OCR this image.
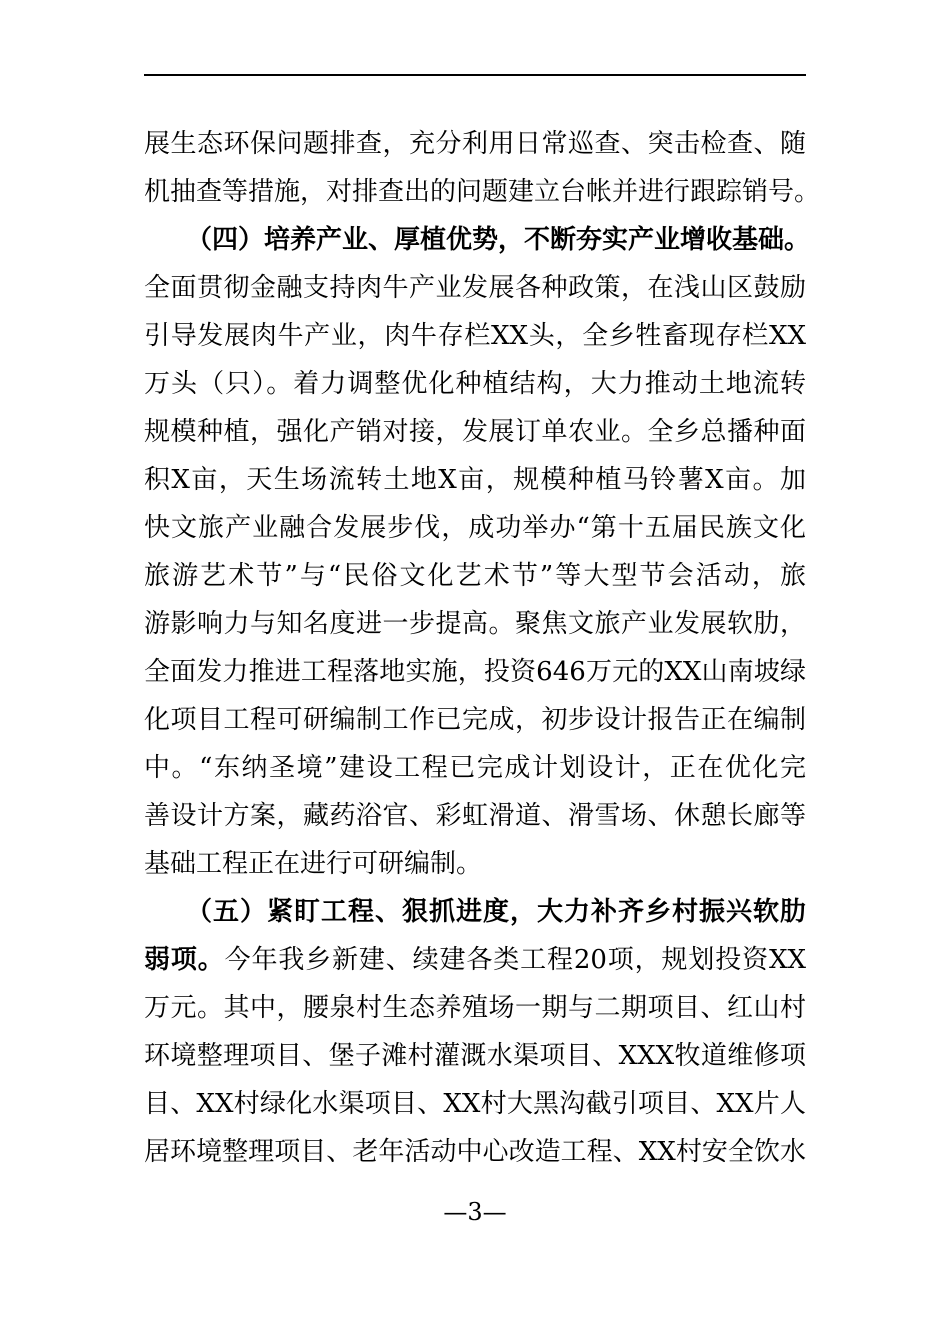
展生态环保问题排查，充分利用日常巡查、突击检查、随
机抽查等措施，对排查出的问题建立台帐并进行跟踪销号。
（四）培养产业、厚植优势，不断夯实产业增收基础。
全面贯彻金融支持肉牛产业发展各种政策，在浅山区鼓励
引导发展肉牛产业，肉牛存栏XX头，全乡牲畜现存栏XX
万头（只）。着力调整优化种植结构，大力推动土地流转
规模种植，强化产销对接，发展订单农业。全乡总播种面
积X亩，天生场流转土地X亩，规模种植马铃薯X亩。加
快文旅产业融合发展步伐，成功举办“第十五届民族文化
旅游艺术节”与“民俗文化艺术节”等大型节会活动，旅
游影响力与知名度进一步提高。聚焦文旅产业发展软肋，
全面发力推进工程落地实施，投资646万元的XX山南坡绿
化项目工程可研编制工作已完成，初步设计报告正在编制
中。“东纳圣境”建设工程已完成计划设计，正在优化完
善设计方案，藏药浴官、彩虹滑道、滑雪场、休憩长廊等
基础工程正在进行可研编制。
（五）紧盯工程、狠抓进度，大力补齐乡村振兴软肋
弱项。今年我乡新建、续建各类工程20项，规划投资XX
万元。其中，腰泉村生态养殖场一期与二期项目、红山村
环境整理项目、堡子滩村灌溉水渠项目、XXX牧道维修项
目、XX村绿化水渠项目、XX村大黑沟截引项目、XX片人
居环境整理项目、老年活动中心改造工程、XX村安全饮水
—3—
